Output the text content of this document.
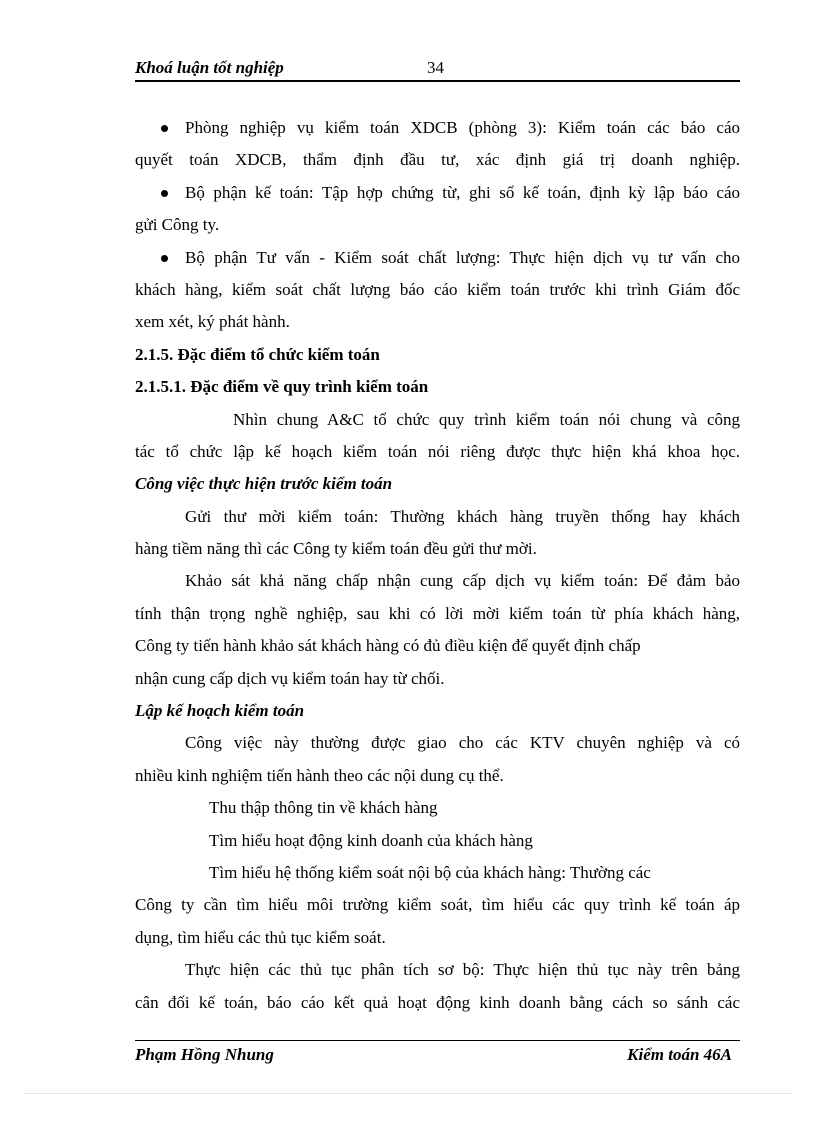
Khoá luận tốt nghiệp	34
Phòng nghiệp vụ kiểm toán XDCB (phòng 3): Kiểm toán các báo cáo
quyết toán XDCB, thẩm định đầu tư, xác định giá trị doanh nghiệp.
Bộ phận kế toán: Tập hợp chứng từ, ghi sổ kế toán, định kỳ lập báo cáo
gửi Công ty.
Bộ phận Tư vấn - Kiểm soát chất lượng: Thực hiện dịch vụ tư vấn cho
khách hàng, kiểm soát chất lượng báo cáo kiểm toán trước khi trình Giám đốc
xem xét, ký phát hành.
2.1.5. Đặc điểm tổ chức kiểm toán
2.1.5.1. Đặc điểm về quy trình kiểm toán
Nhìn chung A&C tổ chức quy trình kiểm toán nói chung và công
tác tổ chức lập kế hoạch kiểm toán nói riêng được thực hiện khá khoa học.
Công việc thực hiện trước kiểm toán
Gửi thư mời kiểm toán: Thường khách hàng truyền thống hay khách
hàng tiềm năng thì các Công ty kiểm toán đều gửi thư mời.
Khảo sát khả năng chấp nhận cung cấp dịch vụ kiểm toán: Để đảm bảo
tính thận trọng nghề nghiệp, sau khi có lời mời kiểm toán từ phía khách hàng,
Công ty tiến hành khảo sát khách hàng có đủ điều kiện để quyết định chấp
nhận cung cấp dịch vụ kiểm toán hay từ chối.
Lập kế hoạch kiểm toán
Công việc này thường được giao cho các KTV chuyên nghiệp và có
nhiều kinh nghiệm tiến hành theo các nội dung cụ thể.
Thu thập thông tin về khách hàng
Tìm hiểu hoạt động kinh doanh của khách hàng
Tìm hiểu hệ thống kiểm soát nội bộ của khách hàng: Thường các
Công ty cần tìm hiểu môi trường kiểm soát, tìm hiểu các quy trình kế toán áp
dụng, tìm hiểu các thủ tục kiểm soát.
Thực hiện các thủ tục phân tích sơ bộ: Thực hiện thủ tục này trên bảng
cân đối kế toán, báo cáo kết quả hoạt động kinh doanh bằng cách so sánh các
Phạm Hồng Nhung	Kiểm toán 46A
